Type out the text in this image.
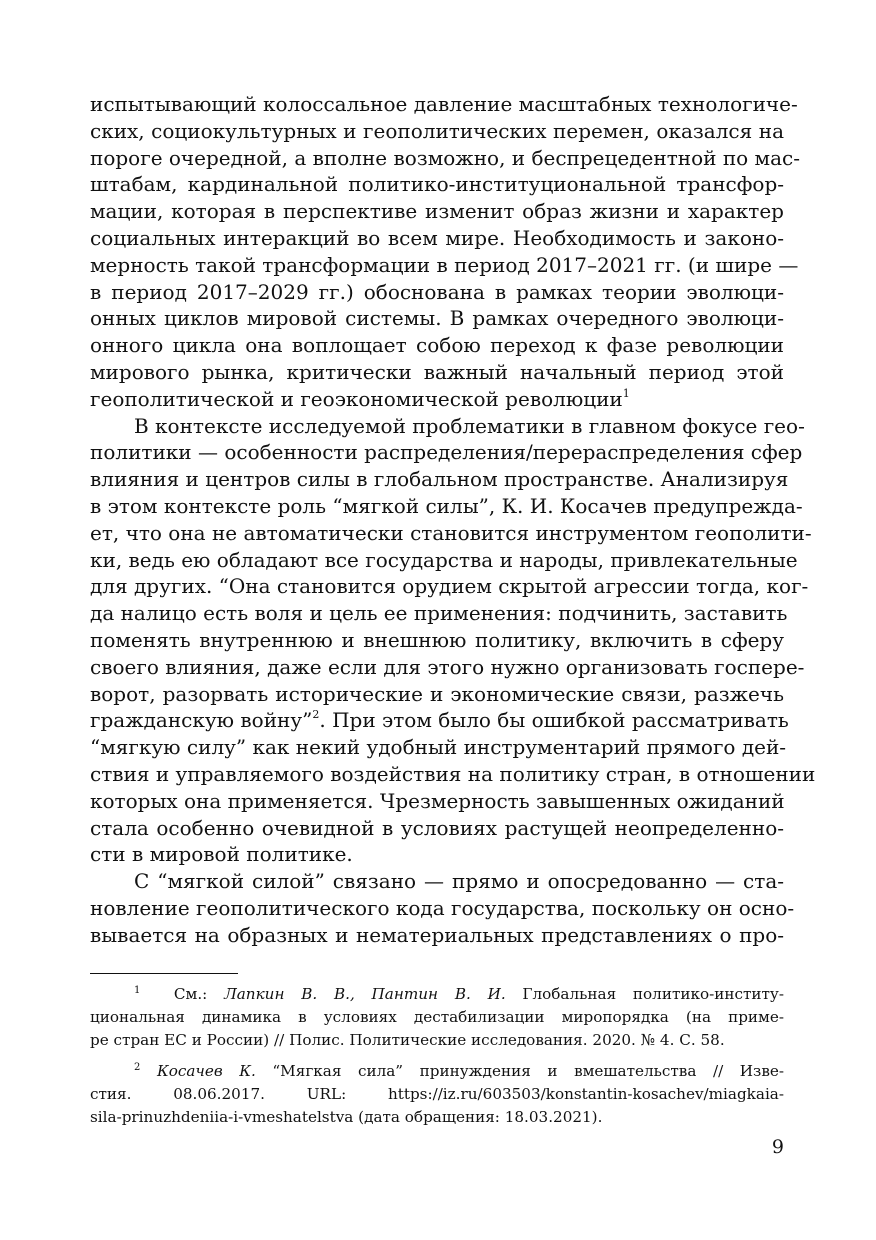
испытывающий колоссальное давление масштабных технологиче-
ских, социокультурных и геополитических перемен, оказался на
пороге очередной, а вполне возможно, и беспрецедентной по мас-
штабам, кардинальной политико-институциональной трансфор-
мации, которая в перспективе изменит образ жизни и характер
социальных интеракций во всем мире. Необходимость и законо-
мерность такой трансформации в период 2017–2021 гг. (и шире —
в период 2017–2029 гг.) обоснована в рамках теории эволюци-
онных циклов мировой системы. В рамках очередного эволюци-
онного цикла она воплощает собою переход к фазе революции
мирового рынка, критически важный начальный период этой
геополитической и геоэкономической революции$^1$
В контексте исследуемой проблематики в главном фокусе гео-
политики — особенности распределения/перераспределения сфер
влияния и центров силы в глобальном пространстве. Анализируя
в этом контексте роль “мягкой силы”, К. И. Косачев предупрежда-
ет, что она не автоматически становится инструментом геополити-
ки, ведь ею обладают все государства и народы, привлекательные
для других. “Она становится орудием скрытой агрессии тогда, ког-
да налицо есть воля и цель ее применения: подчинить, заставить
поменять внутреннюю и внешнюю политику, включить в сферу
своего влияния, даже если для этого нужно организовать госпере-
ворот, разорвать исторические и экономические связи, разжечь
гражданскую войну”$^2$. При этом было бы ошибкой рассматривать
“мягкую силу” как некий удобный инструментарий прямого дей-
ствия и управляемого воздействия на политику стран, в отношении
которых она применяется. Чрезмерность завышенных ожиданий
стала особенно очевидной в условиях растущей неопределенно-
сти в мировой политике.
С “мягкой силой” связано — прямо и опосредованно — ста-
новление геополитического кода государства, поскольку он осно-
вывается на образных и нематериальных представлениях о про-
$^1$ См.: Лапкин В. В., Пантин В. И. Глобальная политико-институ-
циональная динамика в условиях дестабилизации миропорядка (на приме-
ре стран ЕС и России) // Полис. Политические исследования. 2020. № 4. С. 58.
$^2$ Косачев К. “Мягкая сила” принуждения и вмешательства // Изве-
стия. 08.06.2017. URL: https://iz.ru/603503/konstantin-kosachev/miagkaia-
sila-prinuzhdeniia-i-vmeshatelstva (дата обращения: 18.03.2021).
9
